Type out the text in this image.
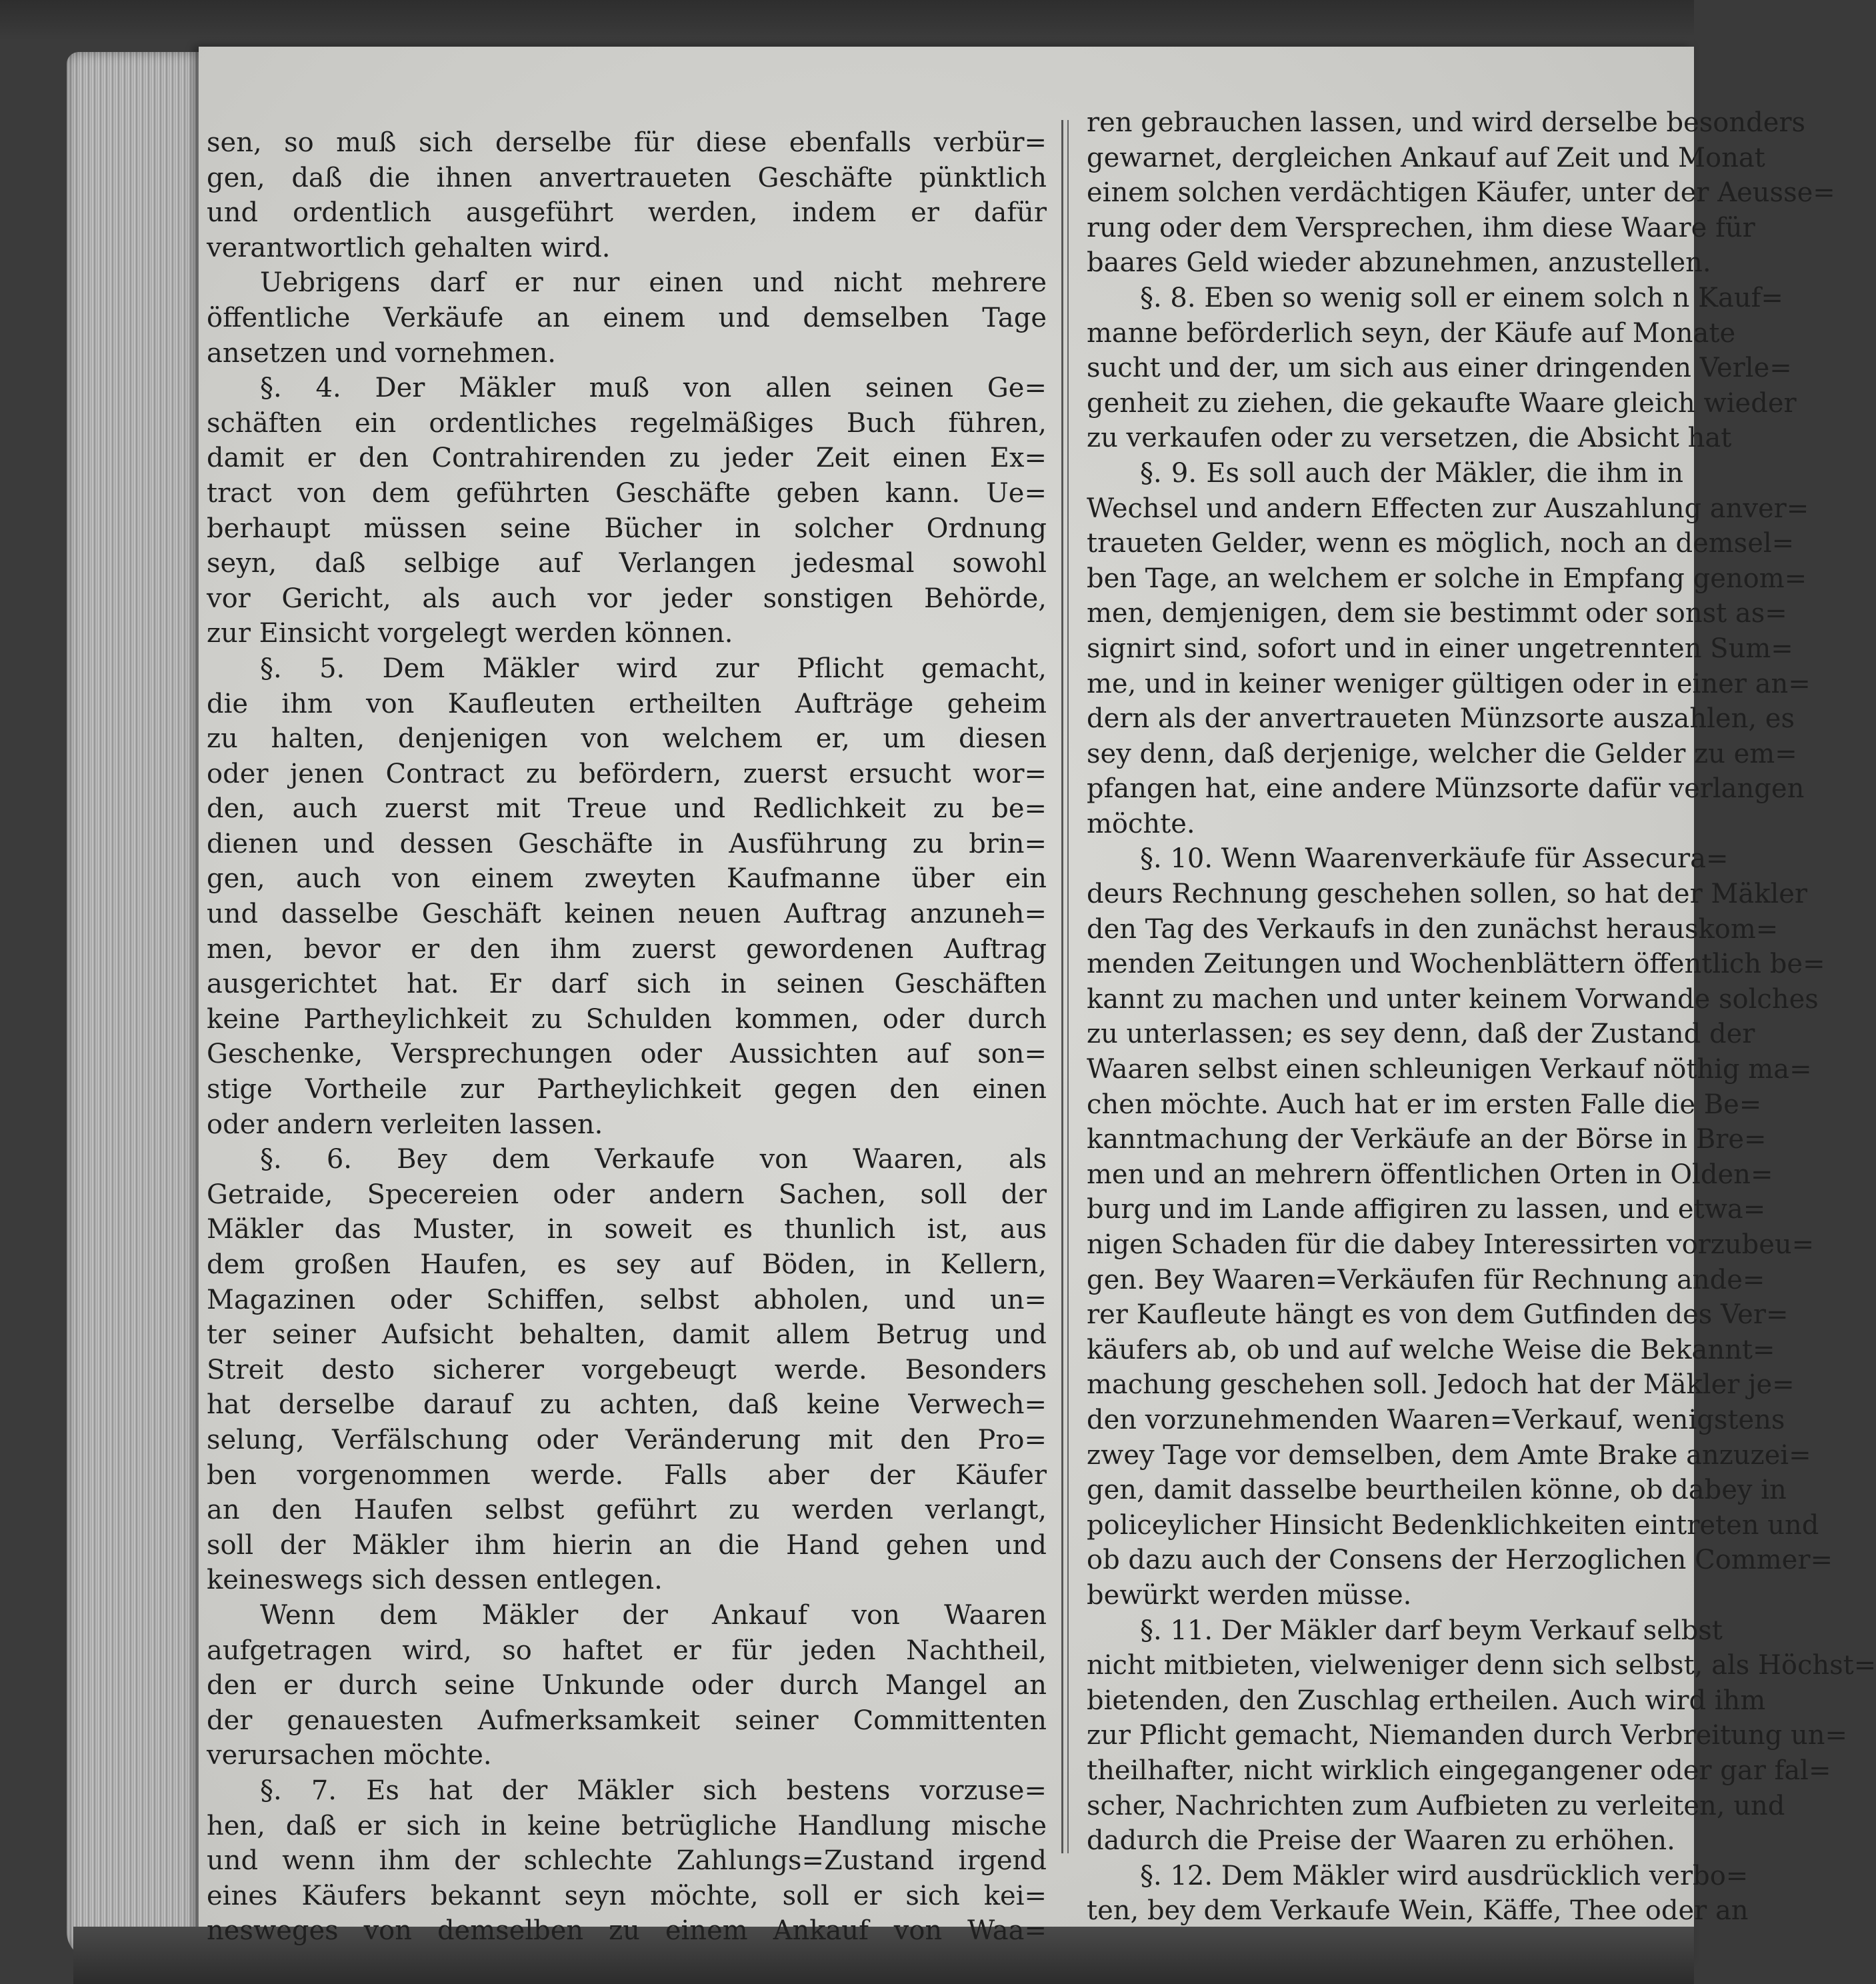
sen, so muß sich derselbe für diese ebenfalls verbür=
gen, daß die ihnen anvertraueten Geschäfte pünktlich
und ordentlich ausgeführt werden, indem er dafür
verantwortlich gehalten wird.
Uebrigens darf er nur einen und nicht mehrere
öffentliche Verkäufe an einem und demselben Tage
ansetzen und vornehmen.
§. 4. Der Mäkler muß von allen seinen Ge=
schäften ein ordentliches regelmäßiges Buch führen,
damit er den Contrahirenden zu jeder Zeit einen Ex=
tract von dem geführten Geschäfte geben kann. Ue=
berhaupt müssen seine Bücher in solcher Ordnung
seyn, daß selbige auf Verlangen jedesmal sowohl
vor Gericht, als auch vor jeder sonstigen Behörde,
zur Einsicht vorgelegt werden können.
§. 5. Dem Mäkler wird zur Pflicht gemacht,
die ihm von Kaufleuten ertheilten Aufträge geheim
zu halten, denjenigen von welchem er, um diesen
oder jenen Contract zu befördern, zuerst ersucht wor=
den, auch zuerst mit Treue und Redlichkeit zu be=
dienen und dessen Geschäfte in Ausführung zu brin=
gen, auch von einem zweyten Kaufmanne über ein
und dasselbe Geschäft keinen neuen Auftrag anzuneh=
men, bevor er den ihm zuerst gewordenen Auftrag
ausgerichtet hat. Er darf sich in seinen Geschäften
keine Partheylichkeit zu Schulden kommen, oder durch
Geschenke, Versprechungen oder Aussichten auf son=
stige Vortheile zur Partheylichkeit gegen den einen
oder andern verleiten lassen.
§. 6. Bey dem Verkaufe von Waaren, als
Getraide, Specereien oder andern Sachen, soll der
Mäkler das Muster, in soweit es thunlich ist, aus
dem großen Haufen, es sey auf Böden, in Kellern,
Magazinen oder Schiffen, selbst abholen, und un=
ter seiner Aufsicht behalten, damit allem Betrug und
Streit desto sicherer vorgebeugt werde. Besonders
hat derselbe darauf zu achten, daß keine Verwech=
selung, Verfälschung oder Veränderung mit den Pro=
ben vorgenommen werde. Falls aber der Käufer
an den Haufen selbst geführt zu werden verlangt,
soll der Mäkler ihm hierin an die Hand gehen und
keineswegs sich dessen entlegen.
Wenn dem Mäkler der Ankauf von Waaren
aufgetragen wird, so haftet er für jeden Nachtheil,
den er durch seine Unkunde oder durch Mangel an
der genauesten Aufmerksamkeit seiner Committenten
verursachen möchte.
§. 7. Es hat der Mäkler sich bestens vorzuse=
hen, daß er sich in keine betrügliche Handlung mische
und wenn ihm der schlechte Zahlungs=Zustand irgend
eines Käufers bekannt seyn möchte, soll er sich kei=
nesweges von demselben zu einem Ankauf von Waa=
ren gebrauchen lassen, und wird derselbe besonders
gewarnet, dergleichen Ankauf auf Zeit und Monat
einem solchen verdächtigen Käufer, unter der Aeusse=
rung oder dem Versprechen, ihm diese Waare für
baares Geld wieder abzunehmen, anzustellen.
§. 8. Eben so wenig soll er einem solch n Kauf=
manne beförderlich seyn, der Käufe auf Monate
sucht und der, um sich aus einer dringenden Verle=
genheit zu ziehen, die gekaufte Waare gleich wieder
zu verkaufen oder zu versetzen, die Absicht hat
§. 9. Es soll auch der Mäkler, die ihm in
Wechsel und andern Effecten zur Auszahlung anver=
traueten Gelder, wenn es möglich, noch an demsel=
ben Tage, an welchem er solche in Empfang genom=
men, demjenigen, dem sie bestimmt oder sonst as=
signirt sind, sofort und in einer ungetrennten Sum=
me, und in keiner weniger gültigen oder in einer an=
dern als der anvertraueten Münzsorte auszahlen, es
sey denn, daß derjenige, welcher die Gelder zu em=
pfangen hat, eine andere Münzsorte dafür verlangen
möchte.
§. 10. Wenn Waarenverkäufe für Assecura=
deurs Rechnung geschehen sollen, so hat der Mäkler
den Tag des Verkaufs in den zunächst herauskom=
menden Zeitungen und Wochenblättern öffentlich be=
kannt zu machen und unter keinem Vorwande solches
zu unterlassen; es sey denn, daß der Zustand der
Waaren selbst einen schleunigen Verkauf nöthig ma=
chen möchte. Auch hat er im ersten Falle die Be=
kanntmachung der Verkäufe an der Börse in Bre=
men und an mehrern öffentlichen Orten in Olden=
burg und im Lande affigiren zu lassen, und etwa=
nigen Schaden für die dabey Interessirten vorzubeu=
gen. Bey Waaren=Verkäufen für Rechnung ande=
rer Kaufleute hängt es von dem Gutfinden des Ver=
käufers ab, ob und auf welche Weise die Bekannt=
machung geschehen soll. Jedoch hat der Mäkler je=
den vorzunehmenden Waaren=Verkauf, wenigstens
zwey Tage vor demselben, dem Amte Brake anzuzei=
gen, damit dasselbe beurtheilen könne, ob dabey in
policeylicher Hinsicht Bedenklichkeiten eintreten und
ob dazu auch der Consens der Herzoglichen Commer=
bewürkt werden müsse.
§. 11. Der Mäkler darf beym Verkauf selbst
nicht mitbieten, vielweniger denn sich selbst, als Höchst=
bietenden, den Zuschlag ertheilen. Auch wird ihm
zur Pflicht gemacht, Niemanden durch Verbreitung un=
theilhafter, nicht wirklich eingegangener oder gar fal=
scher, Nachrichten zum Aufbieten zu verleiten, und
dadurch die Preise der Waaren zu erhöhen.
§. 12. Dem Mäkler wird ausdrücklich verbo=
ten, bey dem Verkaufe Wein, Käffe, Thee oder an
